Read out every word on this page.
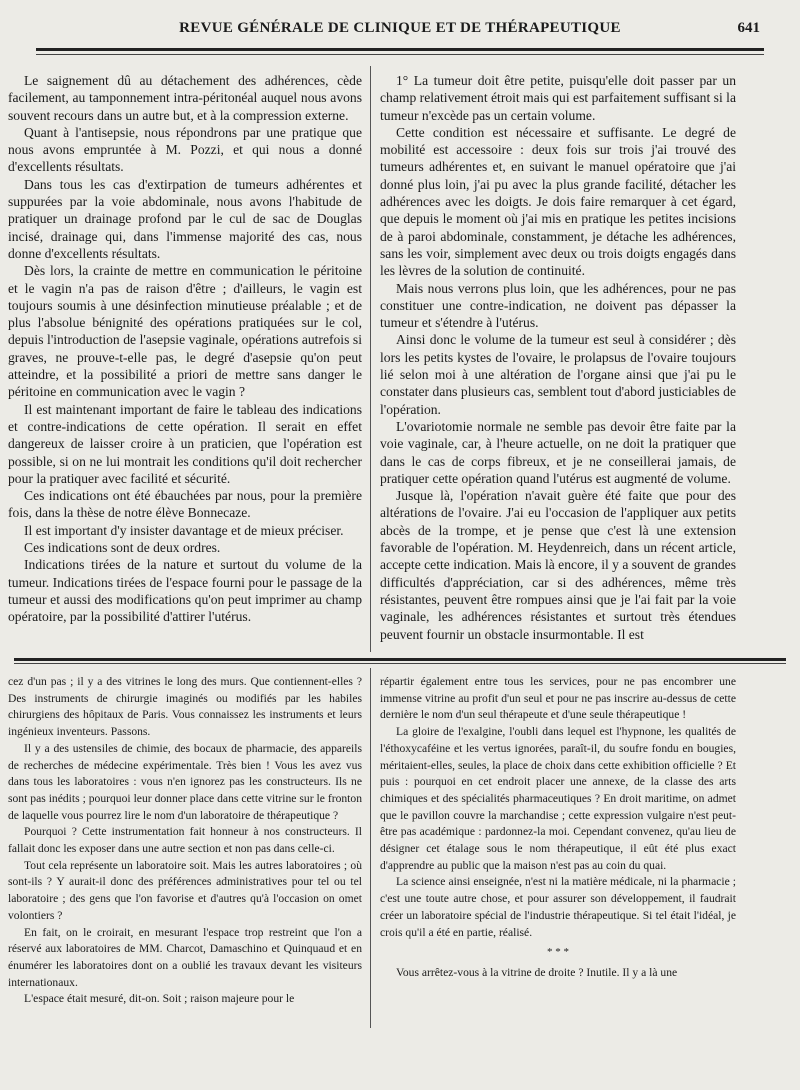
REVUE GÉNÉRALE DE CLINIQUE ET DE THÉRAPEUTIQUE	641

Le saignement dû au détachement des adhérences, cède facilement, au tamponnement intra-péritonéal auquel nous avons souvent recours dans un autre but, et à la compression externe.

Quant à l'antisepsie, nous répondrons par une pratique que nous avons empruntée à M. Pozzi, et qui nous a donné d'excellents résultats.

Dans tous les cas d'extirpation de tumeurs adhérentes et suppurées par la voie abdominale, nous avons l'habitude de pratiquer un drainage profond par le cul de sac de Douglas incisé, drainage qui, dans l'immense majorité des cas, nous donne d'excellents résultats.

Dès lors, la crainte de mettre en communication le péritoine et le vagin n'a pas de raison d'être ; d'ailleurs, le vagin est toujours soumis à une désinfection minutieuse préalable ; et de plus l'absolue bénignité des opérations pratiquées sur le col, depuis l'introduction de l'asepsie vaginale, opérations autrefois si graves, ne prouve-t-elle pas, le degré d'asepsie qu'on peut atteindre, et la possibilité a priori de mettre sans danger le péritoine en communication avec le vagin ?

Il est maintenant important de faire le tableau des indications et contre-indications de cette opération. Il serait en effet dangereux de laisser croire à un praticien, que l'opération est possible, si on ne lui montrait les conditions qu'il doit rechercher pour la pratiquer avec facilité et sécurité.

Ces indications ont été ébauchées par nous, pour la première fois, dans la thèse de notre élève Bonnecaze.

Il est important d'y insister davantage et de mieux préciser.

Ces indications sont de deux ordres.

Indications tirées de la nature et surtout du volume de la tumeur. Indications tirées de l'espace fourni pour le passage de la tumeur et aussi des modifications qu'on peut imprimer au champ opératoire, par la possibilité d'attirer l'utérus.

1° La tumeur doit être petite, puisqu'elle doit passer par un champ relativement étroit mais qui est parfaitement suffisant si la tumeur n'excède pas un certain volume.

Cette condition est nécessaire et suffisante. Le degré de mobilité est accessoire : deux fois sur trois j'ai trouvé des tumeurs adhérentes et, en suivant le manuel opératoire que j'ai donné plus loin, j'ai pu avec la plus grande facilité, détacher les adhérences avec les doigts. Je dois faire remarquer à cet égard, que depuis le moment où j'ai mis en pratique les petites incisions de à paroi abdominale, constamment, je détache les adhérences, sans les voir, simplement avec deux ou trois doigts engagés dans les lèvres de la solution de continuité.

Mais nous verrons plus loin, que les adhérences, pour ne pas constituer une contre-indication, ne doivent pas dépasser la tumeur et s'étendre à l'utérus.

Ainsi donc le volume de la tumeur est seul à considérer ; dès lors les petits kystes de l'ovaire, le prolapsus de l'ovaire toujours lié selon moi à une altération de l'organe ainsi que j'ai pu le constater dans plusieurs cas, semblent tout d'abord justiciables de l'opération.

L'ovariotomie normale ne semble pas devoir être faite par la voie vaginale, car, à l'heure actuelle, on ne doit la pratiquer que dans le cas de corps fibreux, et je ne conseillerai jamais, de pratiquer cette opération quand l'utérus est augmenté de volume.

Jusque là, l'opération n'avait guère été faite que pour des altérations de l'ovaire. J'ai eu l'occasion de l'appliquer aux petits abcès de la trompe, et je pense que c'est là une extension favorable de l'opération. M. Heydenreich, dans un récent article, accepte cette indication. Mais là encore, il y a souvent de grandes difficultés d'appréciation, car si des adhérences, même très résistantes, peuvent être rompues ainsi que je l'ai fait par la voie vaginale, les adhérences résistantes et surtout très étendues peuvent fournir un obstacle insurmontable. Il est

cez d'un pas ; il y a des vitrines le long des murs. Que contiennent-elles ? Des instruments de chirurgie imaginés ou modifiés par les habiles chirurgiens des hôpitaux de Paris. Vous connaissez les instruments et leurs ingénieux inventeurs. Passons.

Il y a des ustensiles de chimie, des bocaux de pharmacie, des appareils de recherches de médecine expérimentale. Très bien ! Vous les avez vus dans tous les laboratoires : vous n'en ignorez pas les constructeurs. Ils ne sont pas inédits ; pourquoi leur donner place dans cette vitrine sur le fronton de laquelle vous pourrez lire le nom d'un laboratoire de thérapeutique ?

Pourquoi ? Cette instrumentation fait honneur à nos constructeurs. Il fallait donc les exposer dans une autre section et non pas dans celle-ci.

Tout cela représente un laboratoire soit. Mais les autres laboratoires ; où sont-ils ? Y aurait-il donc des préférences administratives pour tel ou tel laboratoire ; des gens que l'on favorise et d'autres qu'à l'occasion on omet volontiers ?

En fait, on le croirait, en mesurant l'espace trop restreint que l'on a réservé aux laboratoires de MM. Charcot, Damaschino et Quinquaud et en énumérer les laboratoires dont on a oublié les travaux devant les visiteurs internationaux.

L'espace était mesuré, dit-on. Soit ; raison majeure pour le

répartir également entre tous les services, pour ne pas encombrer une immense vitrine au profit d'un seul et pour ne pas inscrire au-dessus de cette dernière le nom d'un seul thérapeute et d'une seule thérapeutique !

La gloire de l'exalgine, l'oubli dans lequel est l'hypnone, les qualités de l'éthoxycaféine et les vertus ignorées, paraît-il, du soufre fondu en bougies, méritaient-elles, seules, la place de choix dans cette exhibition officielle ? Et puis : pourquoi en cet endroit placer une annexe, de la classe des arts chimiques et des spécialités pharmaceutiques ? En droit maritime, on admet que le pavillon couvre la marchandise ; cette expression vulgaire n'est peut-être pas académique : pardonnez-la moi. Cependant convenez, qu'au lieu de désigner cet étalage sous le nom thérapeutique, il eût été plus exact d'apprendre au public que la maison n'est pas au coin du quai.

La science ainsi enseignée, n'est ni la matière médicale, ni la pharmacie ; c'est une toute autre chose, et pour assurer son développement, il faudrait créer un laboratoire spécial de l'industrie thérapeutique. Si tel était l'idéal, je crois qu'il a été en partie, réalisé.

* * *

Vous arrêtez-vous à la vitrine de droite ? Inutile. Il y a là une
